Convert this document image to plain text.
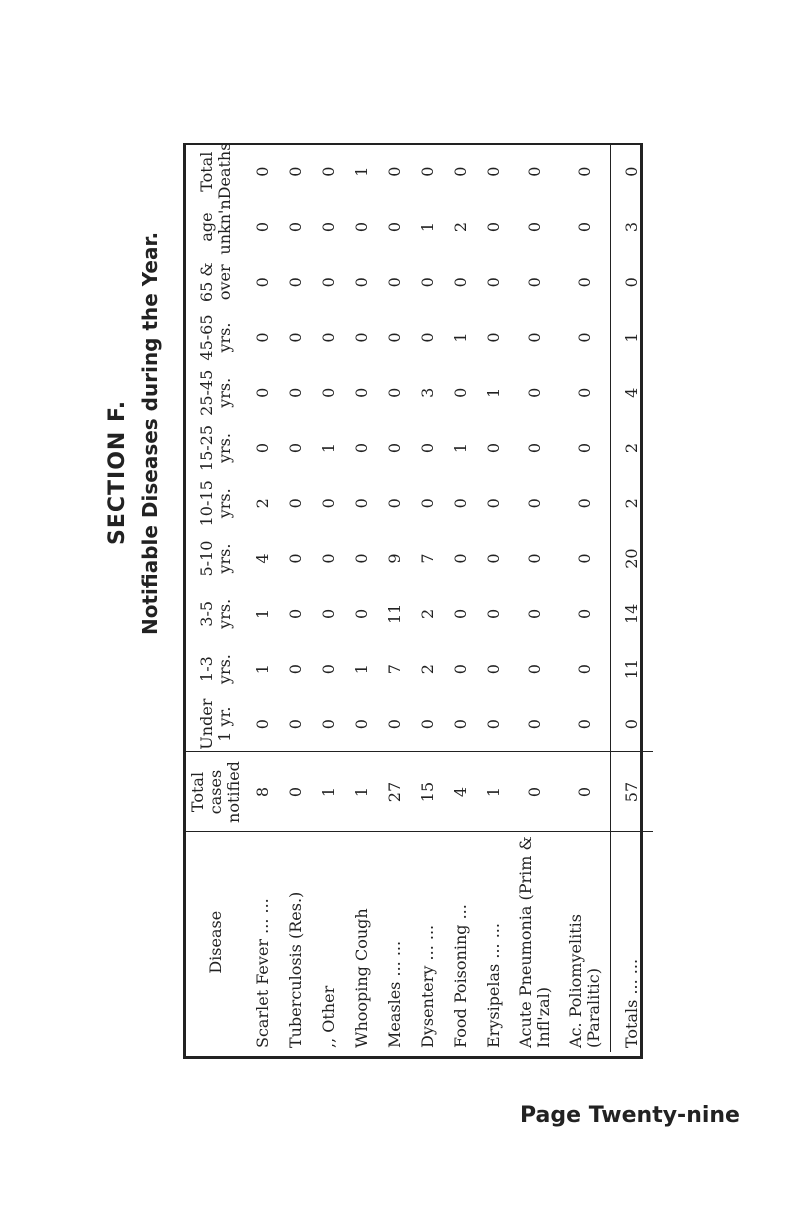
SECTION F. Notifiable Diseases during the Year.
Disease	Total cases notified	Under 1 yr.	1-3 yrs.	3-5 yrs.	5-10 yrs.	10-15 yrs.	15-25 yrs.	25-45 yrs.	45-65 yrs.	65 & over	age unkn'n	Total Deaths
Scarlet Fever ... ...	8	0	1	1	4	2	0	0	0	0	0	0
Tuberculosis (Res.)	0	0	0	0	0	0	0	0	0	0	0	0
,, Other	1	0	0	0	0	0	1	0	0	0	0	0
Whooping Cough	1	0	1	0	0	0	0	0	0	0	0	1
Measles ... ...	27	0	7	11	9	0	0	0	0	0	0	0
Dysentery ... ...	15	0	2	2	7	0	0	3	0	0	1	0
Food Poisoning ...	4	0	0	0	0	0	1	0	1	0	2	0
Erysipelas ... ...	1	0	0	0	0	0	0	1	0	0	0	0
Acute Pneumonia (Prim & Infl'zal)	0	0	0	0	0	0	0	0	0	0	0	0
Ac. Poliomyelitis (Paralitic)	0	0	0	0	0	0	0	0	0	0	0	0
Totals ... ...	57	0	11	14	20	2	2	4	1	0	3	0
Page Twenty-nine
